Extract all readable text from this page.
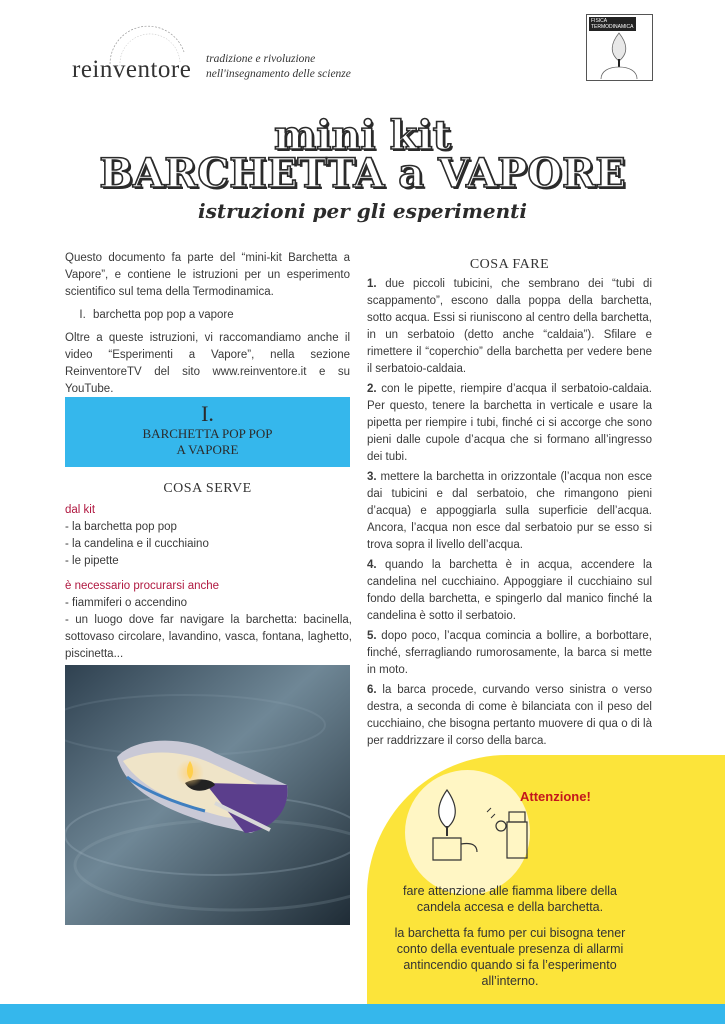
reinventore tradizione e rivoluzione
nell'insegnamento delle scienze
FISICA
TERMODINAMICA
mini kit
BARCHETTA a VAPORE
istruzioni per gli esperimenti

Questo documento fa parte del “mini-kit Barchetta a Vapore”, e contiene le istruzioni per un esperimento scientifico sul tema della Termodinamica.

I. barchetta pop pop a vapore

Oltre a queste istruzioni, vi raccomandiamo anche il video “Esperimenti a Vapore”, nella sezione ReinventoreTV del sito www.reinventore.it e su YouTube.

I.
BARCHETTA POP POP
A VAPORE
COSA SERVE
dal kit
- la barchetta pop pop
- la candelina e il cucchiaino
- le pipette
è necessario procurarsi anche
- fiammiferi o accendino
- un luogo dove far navigare la barchetta: bacinella, sottovaso circolare, lavandino, vasca, fontana, laghetto, piscinetta...
COSA FARE

1. due piccoli tubicini, che sembrano dei “tubi di scappamento”, escono dalla poppa della barchetta, sotto acqua. Essi si riuniscono al centro della barchetta, in un serbatoio (detto anche “caldaia”). Sfilare e rimettere il “coperchio” della barchetta per vedere bene il serbatoio-caldaia.

2. con le pipette, riempire d’acqua il serbatoio-caldaia. Per questo, tenere la barchetta in verticale e usare la pipetta per riempire i tubi, finché ci si accorge che sono pieni dalle cupole d’acqua che si formano all’ingresso dei tubi.

3. mettere la barchetta in orizzontale (l’acqua non esce dai tubicini e dal serbatoio, che rimangono pieni d’acqua) e appoggiarla sulla superficie dell’acqua. Ancora, l’acqua non esce dal serbatoio pur se esso si trova sopra il livello dell’acqua.

4. quando la barchetta è in acqua, accendere la candelina nel cucchiaino. Appoggiare il cucchiaino sul fondo della barchetta, e spingerlo dal manico finché la candelina è sotto il serbatoio.

5. dopo poco, l’acqua comincia a bollire, a borbottare, finché, sferragliando rumorosamente, la barca si mette in moto.

6. la barca procede, curvando verso sinistra o verso destra, a seconda di come è bilanciata con il peso del cucchiaino, che bisogna pertanto muovere di qua o di là per raddrizzare il corso della barca.

Attenzione!

fare attenzione alle fiamma libere della candela accesa e della barchetta.

la barchetta fa fumo per cui bisogna tener conto della eventuale presenza di allarmi antincendio quando si fa l’esperimento all’interno.
